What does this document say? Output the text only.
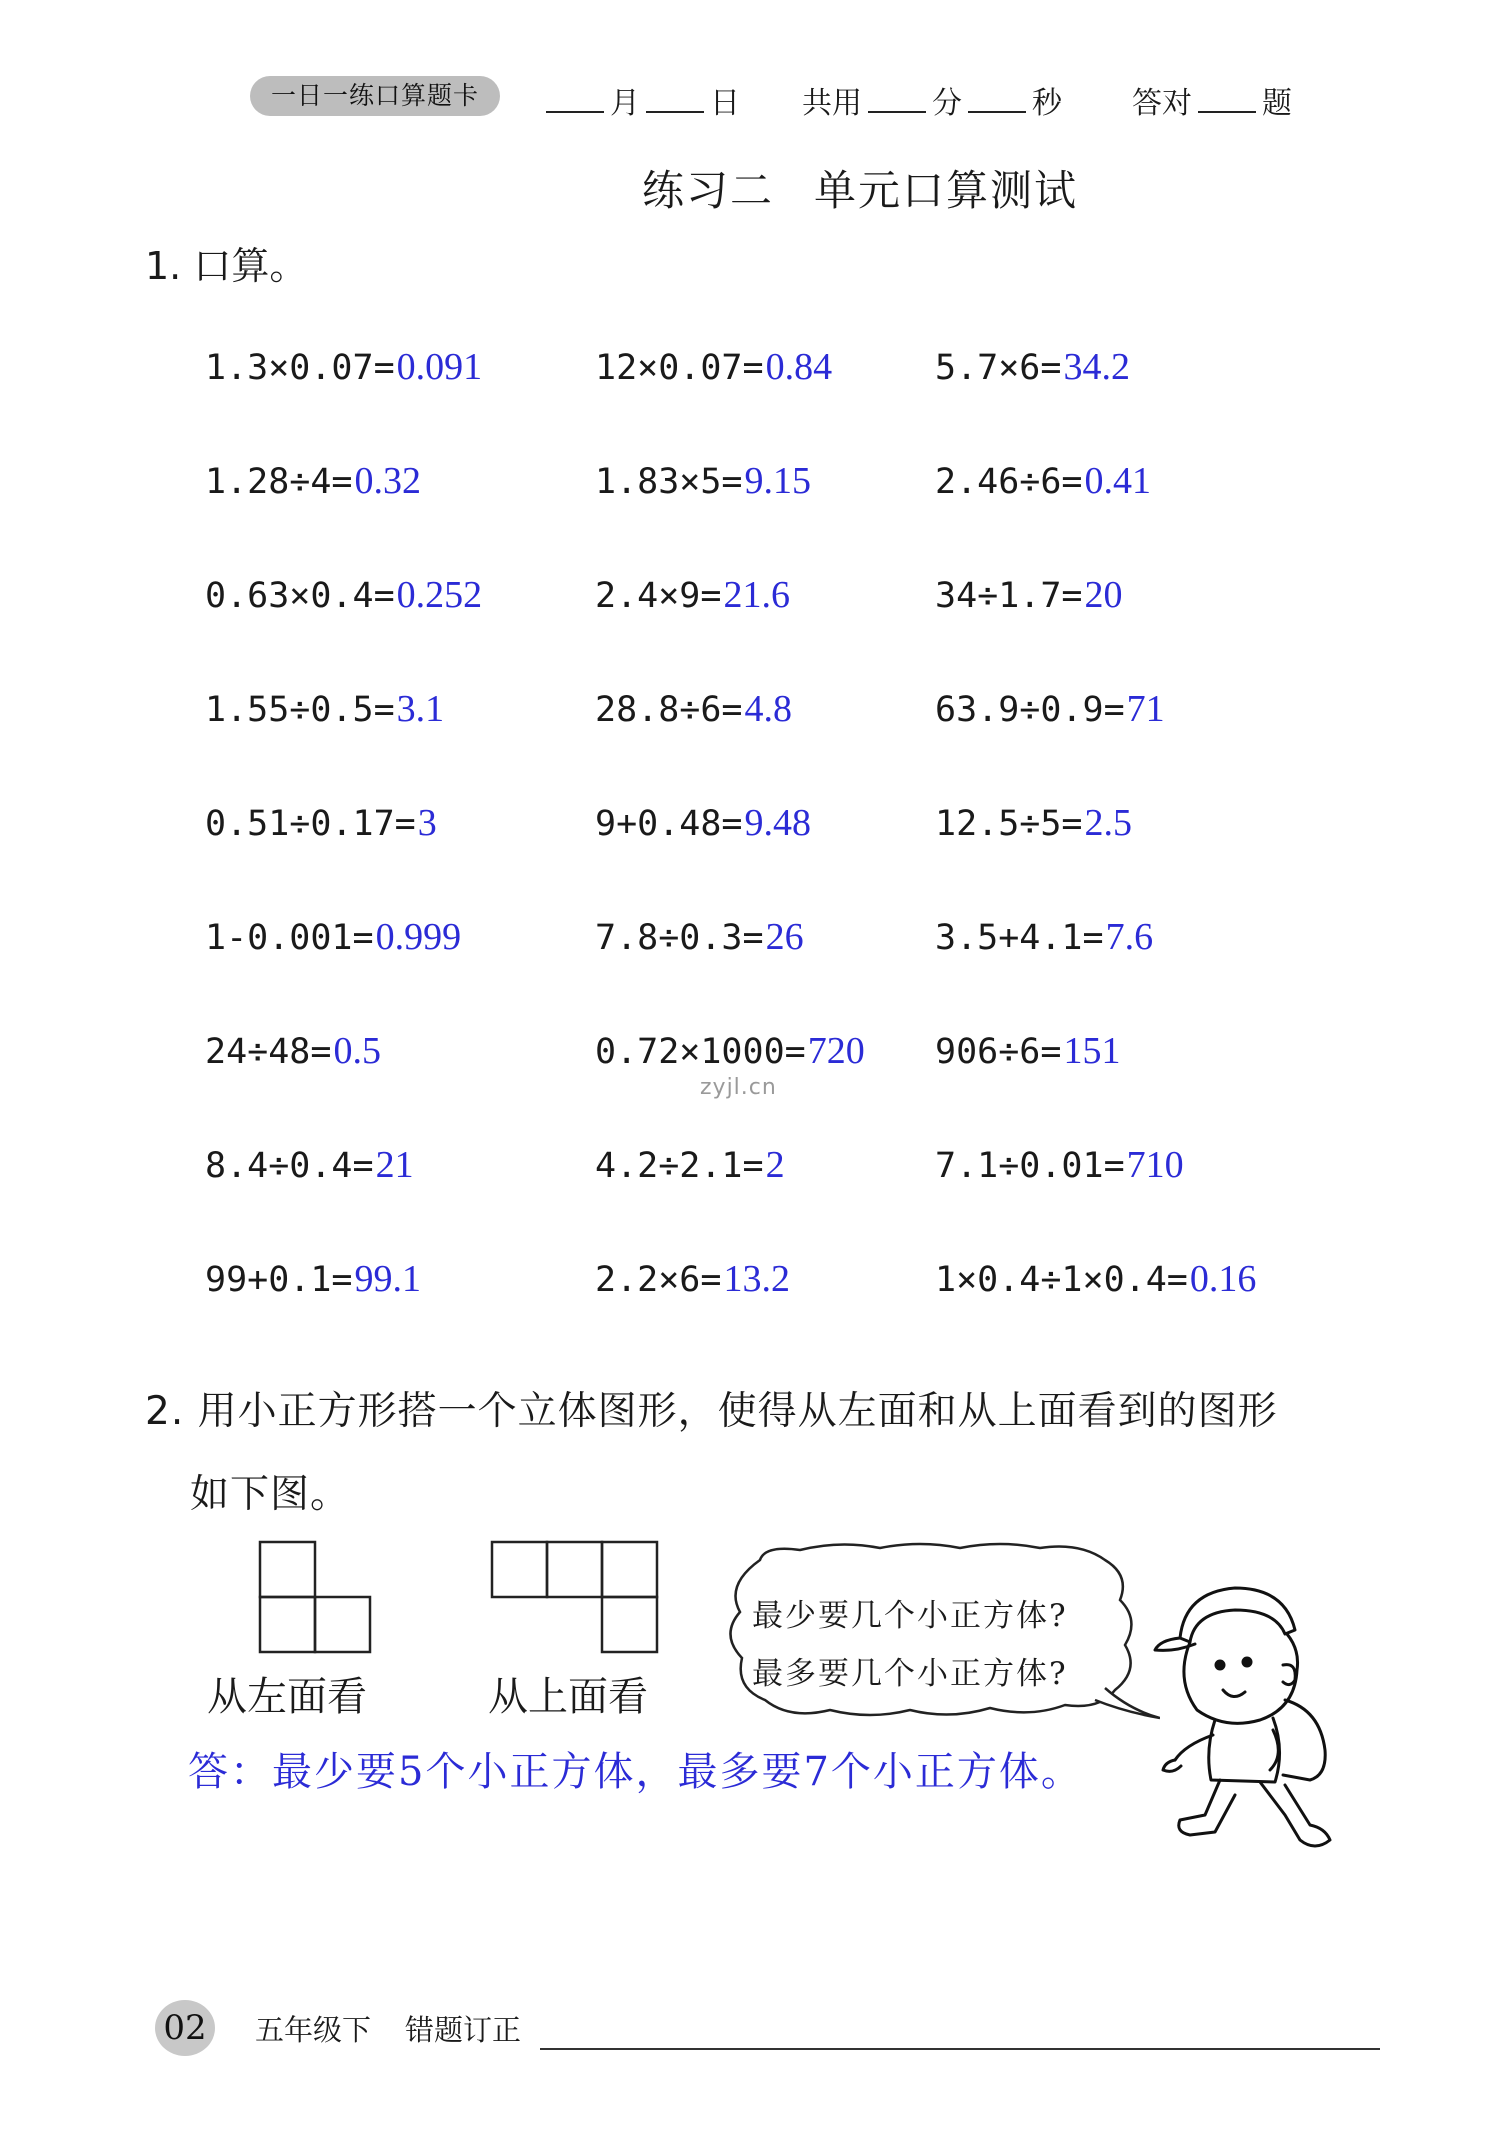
一日一练口算题卡	月 日 共用 分 秒 答对 题
练习二 单元口算测试
1. 口算。
1.3×0.07=0.091	12×0.07=0.84	5.7×6=34.2
1.28÷4=0.32	1.83×5=9.15	2.46÷6=0.41
0.63×0.4=0.252	2.4×9=21.6	34÷1.7=20
1.55÷0.5=3.1	28.8÷6=4.8	63.9÷0.9=71
0.51÷0.17=3	9+0.48=9.48	12.5÷5=2.5
1-0.001=0.999	7.8÷0.3=26	3.5+4.1=7.6
24÷48=0.5	0.72×1000=720 906÷6=151
8.4÷0.4=21	4.2÷2.1=2	7.1÷0.01=710
99+0.1=99.1	2.2×6=13.2	1×0.4÷1×0.4=0.16
zyjl.cn
2. 用小正方形搭一个立体图形，使得从左面和从上面看到的图形
如下图。
从左面看	从上面看
最少要几个小正方体?
最多要几个小正方体?
答：最少要5个小正方体，最多要7个小正方体。
02 五年级下 错题订正
